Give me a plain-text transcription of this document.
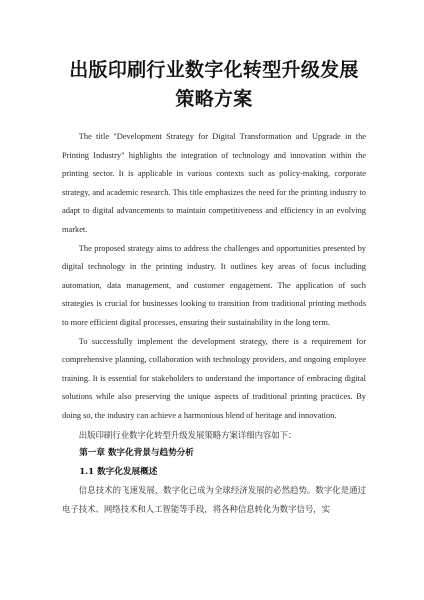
出版印刷行业数字化转型升级发展策略方案

The title "Development Strategy for Digital Transformation and Upgrade in the Printing Industry" highlights the integration of technology and innovation within the printing sector. It is applicable in various contexts such as policy-making, corporate strategy, and academic research. This title emphasizes the need for the printing industry to adapt to digital advancements to maintain competitiveness and efficiency in an evolving market.

The proposed strategy aims to address the challenges and opportunities presented by digital technology in the printing industry. It outlines key areas of focus including automation, data management, and customer engagement. The application of such strategies is crucial for businesses looking to transition from traditional printing methods to more efficient digital processes, ensuring their sustainability in the long term.

To successfully implement the development strategy, there is a requirement for comprehensive planning, collaboration with technology providers, and ongoing employee training. It is essential for stakeholders to understand the importance of embracing digital solutions while also preserving the unique aspects of traditional printing practices. By doing so, the industry can achieve a harmonious blend of heritage and innovation.

出版印刷行业数字化转型升级发展策略方案详细内容如下：

第一章 数字化背景与趋势分析

1.1 数字化发展概述

信息技术的飞速发展，数字化已成为全球经济发展的必然趋势。数字化是通过电子技术、网络技术和人工智能等手段，将各种信息转化为数字信号，实
